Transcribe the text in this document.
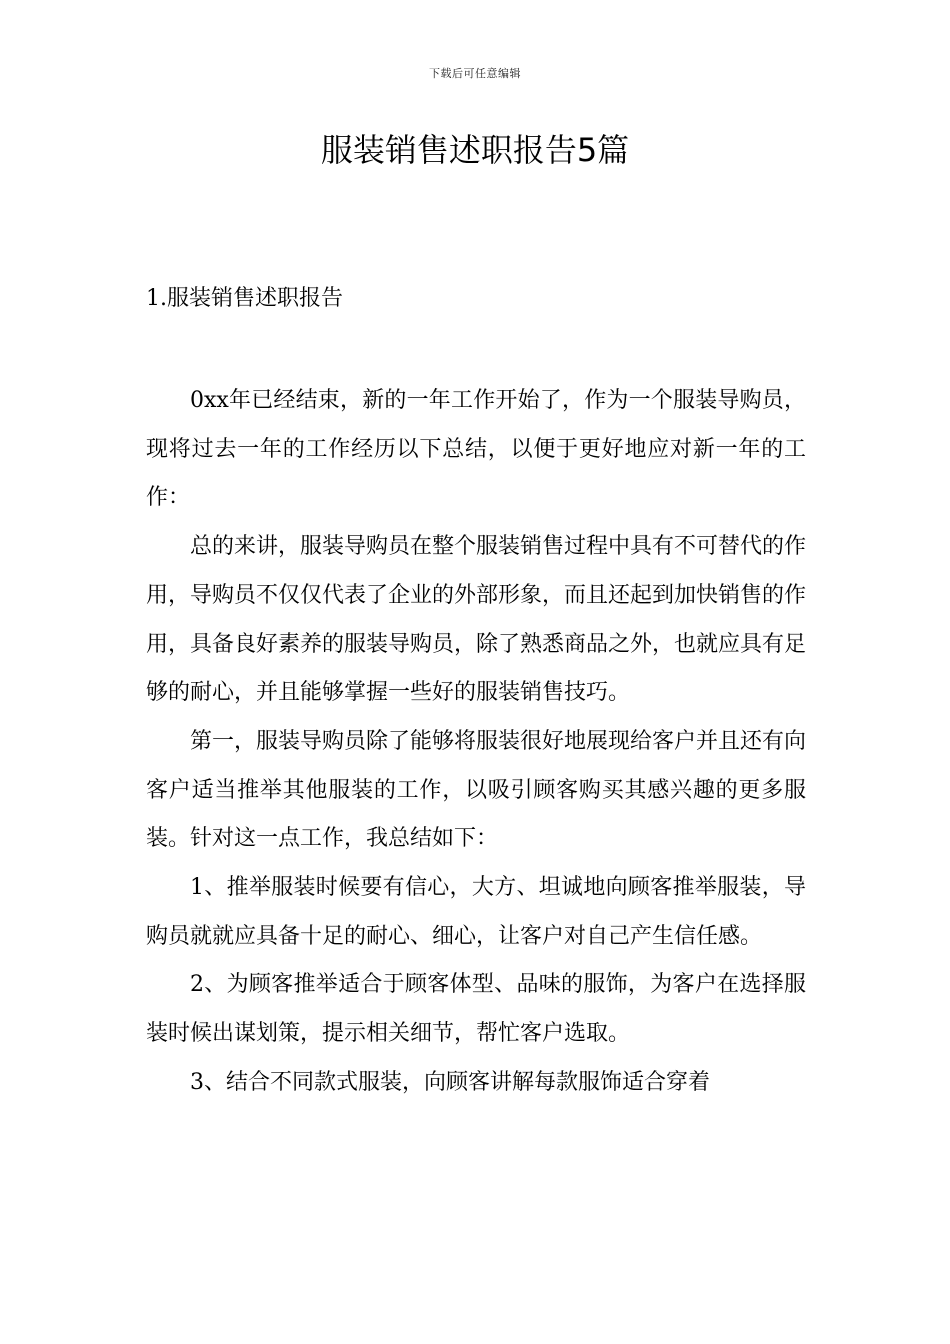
下载后可任意编辑
服装销售述职报告5篇
1.服装销售述职报告

0xx年已经结束，新的一年工作开始了，作为一个服装导购员，现将过去一年的工作经历以下总结，以便于更好地应对新一年的工作：

总的来讲，服装导购员在整个服装销售过程中具有不可替代的作用，导购员不仅仅代表了企业的外部形象，而且还起到加快销售的作用，具备良好素养的服装导购员，除了熟悉商品之外，也就应具有足够的耐心，并且能够掌握一些好的服装销售技巧。

第一，服装导购员除了能够将服装很好地展现给客户并且还有向客户适当推举其他服装的工作，以吸引顾客购买其感兴趣的更多服装。针对这一点工作，我总结如下：

1、推举服装时候要有信心，大方、坦诚地向顾客推举服装，导购员就就应具备十足的耐心、细心，让客户对自己产生信任感。

2、为顾客推举适合于顾客体型、品味的服饰，为客户在选择服装时候出谋划策，提示相关细节，帮忙客户选取。

3、结合不同款式服装，向顾客讲解每款服饰适合穿着
